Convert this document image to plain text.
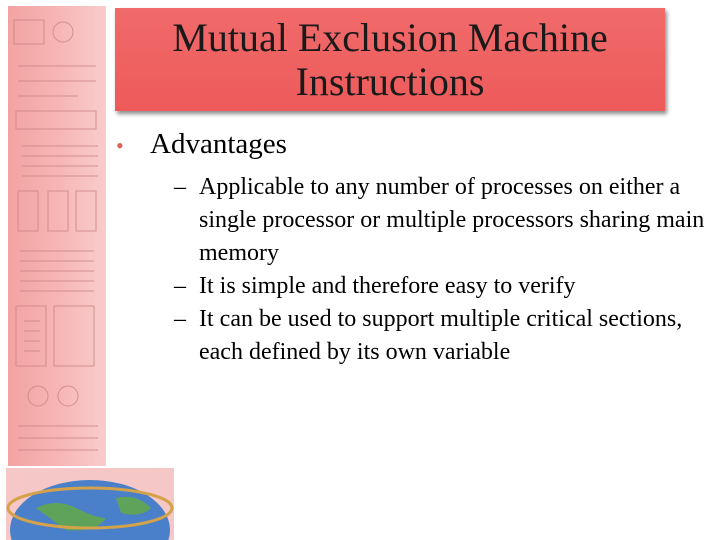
Mutual Exclusion Machine
Instructions
• Advantages
– Applicable to any number of processes on either a single processor or multiple processors sharing main memory
– It is simple and therefore easy to verify
– It can be used to support multiple critical sections, each defined by its own variable
